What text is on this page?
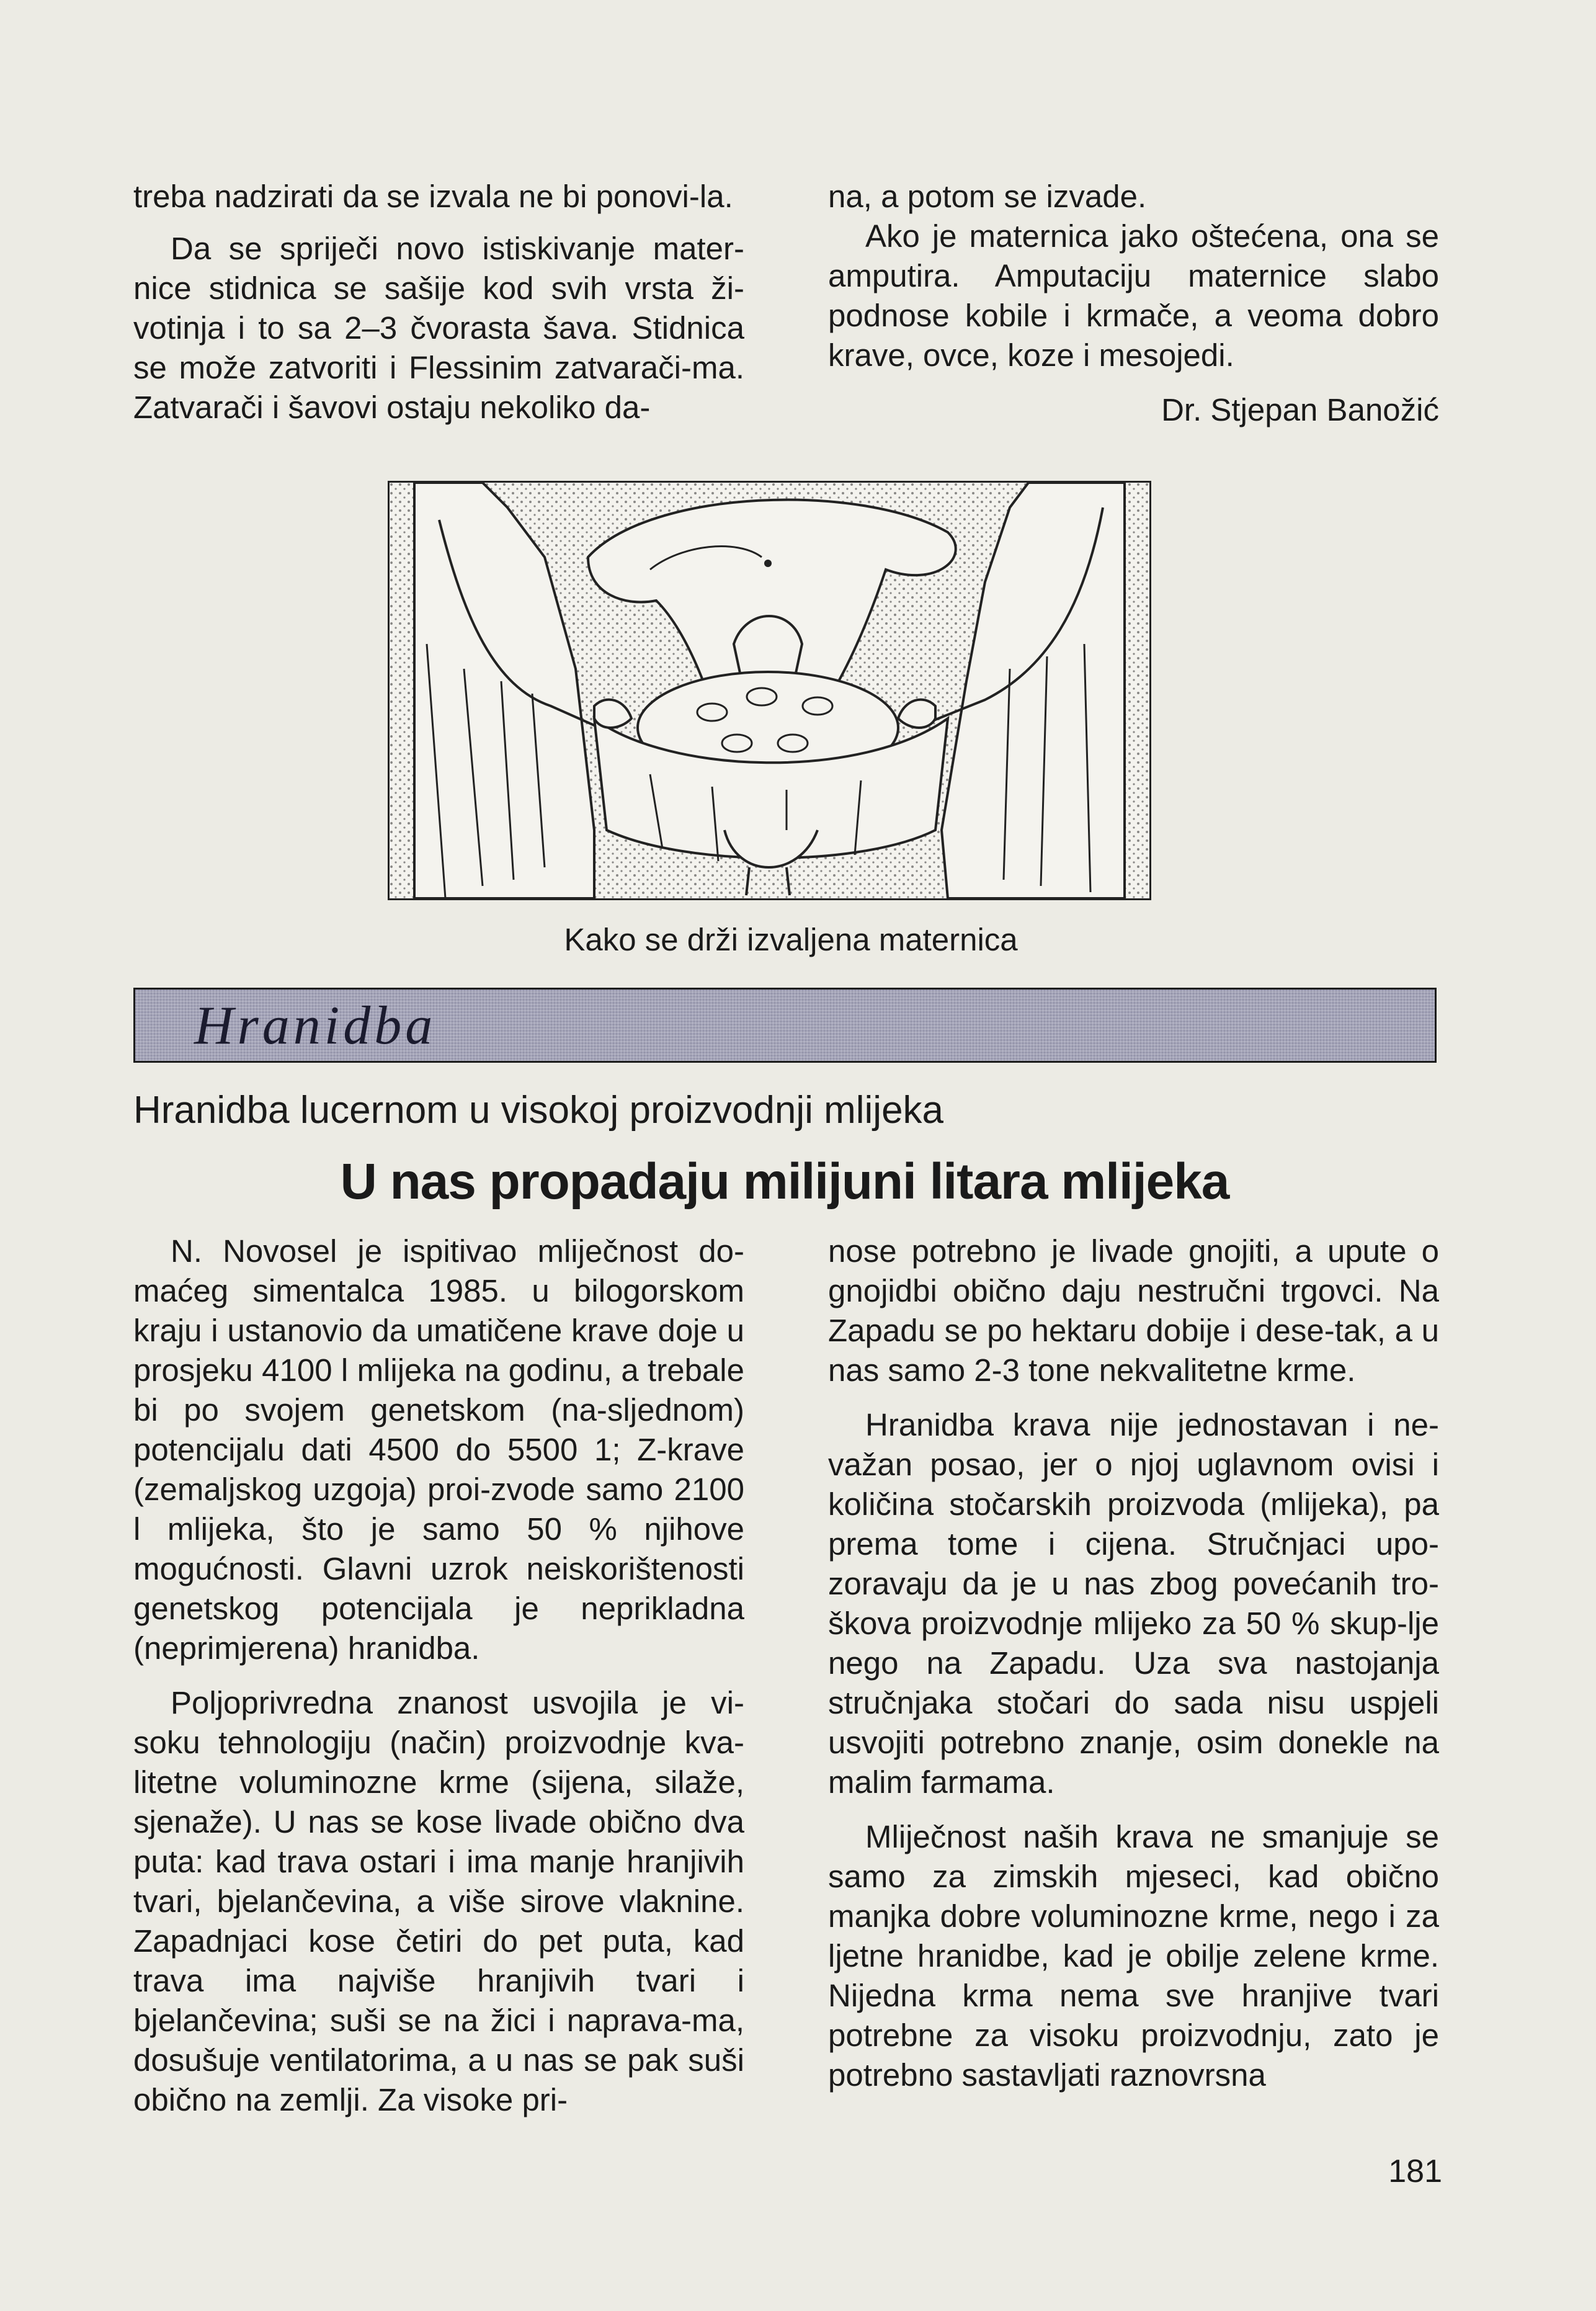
treba nadzirati da se izvala ne bi ponovi-la.

Da se spriječi novo istiskivanje mater-nice stidnica se sašije kod svih vrsta ži-votinja i to sa 2–3 čvorasta šava. Stidnica se može zatvoriti i Flessinim zatvarači-ma. Zatvarači i šavovi ostaju nekoliko da-

na, a potom se izvade.

Ako je maternica jako oštećena, ona se amputira. Amputaciju maternice slabo podnose kobile i krmače, a veoma dobro krave, ovce, koze i mesojedi.

Dr. Stjepan Banožić
Kako se drži izvaljena maternica
Hranidba
Hranidba lucernom u visokoj proizvodnji mlijeka
U nas propadaju milijuni litara mlijeka

N. Novosel je ispitivao mliječnost do-maćeg simentalca 1985. u bilogorskom kraju i ustanovio da umatičene krave doje u prosjeku 4100 l mlijeka na godinu, a trebale bi po svojem genetskom (na-sljednom) potencijalu dati 4500 do 5500 1; Z-krave (zemaljskog uzgoja) proi-zvode samo 2100 l mlijeka, što je samo 50 % njihove mogućnosti. Glavni uzrok neiskorištenosti genetskog potencijala je neprikladna (neprimjerena) hranidba.

Poljoprivredna znanost usvojila je vi-soku tehnologiju (način) proizvodnje kva-litetne voluminozne krme (sijena, silaže, sjenaže). U nas se kose livade obično dva puta: kad trava ostari i ima manje hranjivih tvari, bjelančevina, a više sirove vlaknine. Zapadnjaci kose četiri do pet puta, kad trava ima najviše hranjivih tvari i bjelančevina; suši se na žici i naprava-ma, dosušuje ventilatorima, a u nas se pak suši obično na zemlji. Za visoke pri-

nose potrebno je livade gnojiti, a upute o gnojidbi obično daju nestručni trgovci. Na Zapadu se po hektaru dobije i dese-tak, a u nas samo 2-3 tone nekvalitetne krme.

Hranidba krava nije jednostavan i ne-važan posao, jer o njoj uglavnom ovisi i količina stočarskih proizvoda (mlijeka), pa prema tome i cijena. Stručnjaci upo-zoravaju da je u nas zbog povećanih tro-škova proizvodnje mlijeko za 50 % skup-lje nego na Zapadu. Uza sva nastojanja stručnjaka stočari do sada nisu uspjeli usvojiti potrebno znanje, osim donekle na malim farmama.

Mliječnost naših krava ne smanjuje se samo za zimskih mjeseci, kad obično manjka dobre voluminozne krme, nego i za ljetne hranidbe, kad je obilje zelene krme. Nijedna krma nema sve hranjive tvari potrebne za visoku proizvodnju, zato je potrebno sastavljati raznovrsna

181
